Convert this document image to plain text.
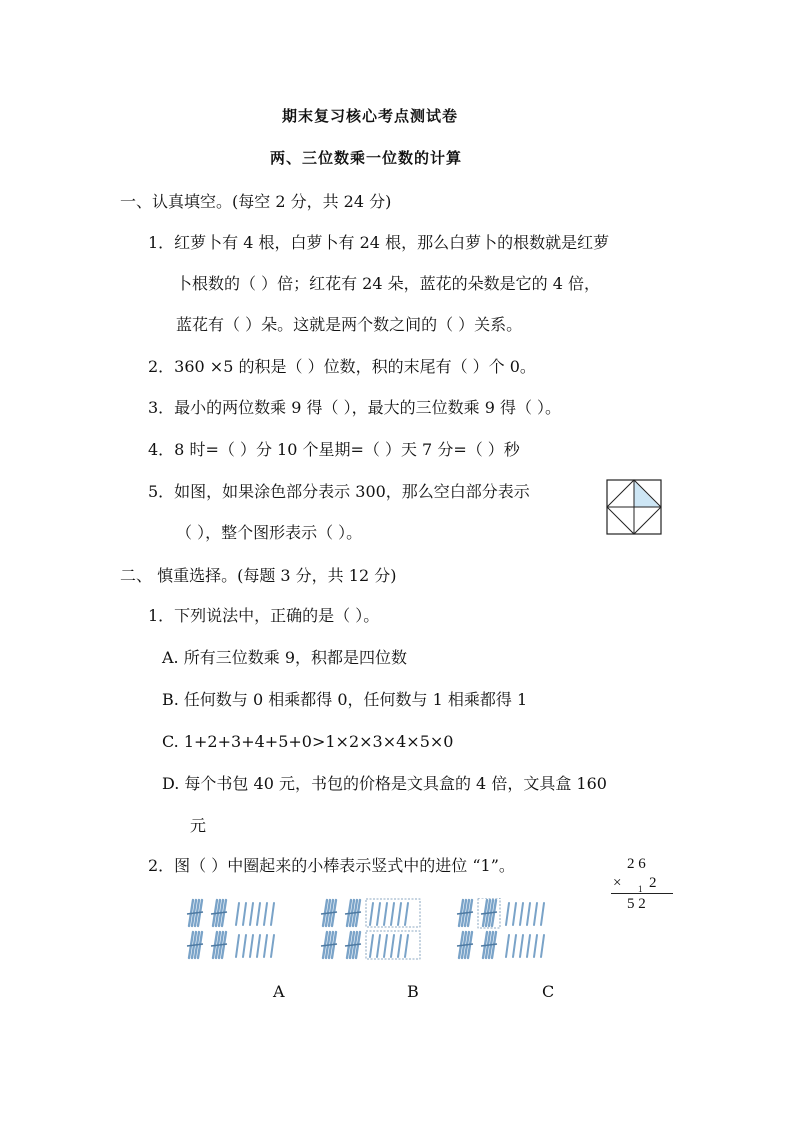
期末复习核心考点测试卷
两、三位数乘一位数的计算
一、认真填空。(每空 2 分，共 24 分)
1．红萝卜有 4 根，白萝卜有 24 根，那么白萝卜的根数就是红萝
卜根数的（ ）倍；红花有 24 朵，蓝花的朵数是它的 4 倍，
蓝花有（ ）朵。这就是两个数之间的（ ）关系。
2．360 ×5 的积是（ ）位数，积的末尾有（ ）个 0。
3．最小的两位数乘 9 得（ ），最大的三位数乘 9 得（ ）。
4．8 时=（ ）分 10 个星期=（ ）天 7 分=（ ）秒
5．如图，如果涂色部分表示 300，那么空白部分表示
（ ），整个图形表示（ ）。
二、 慎重选择。(每题 3 分，共 12 分)
1．下列说法中，正确的是（ ）。
A. 所有三位数乘 9，积都是四位数
B. 任何数与 0 相乘都得 0，任何数与 1 相乘都得 1
C. 1+2+3+4+5+0>1×2×3×4×5×0
D. 每个书包 40 元，书包的价格是文具盒的 4 倍，文具盒 160
元
2．图（ ）中圈起来的小棒表示竖式中的进位 “1”。	2 6
× 2
1
5 2
A	B	C
